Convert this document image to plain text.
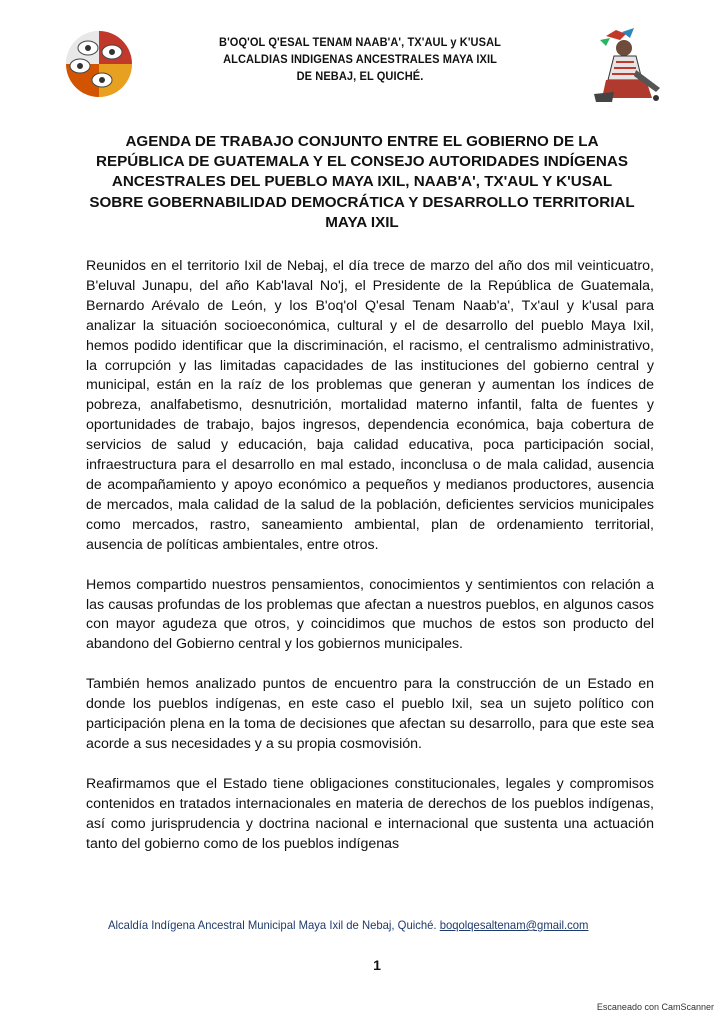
B'OQ'OL Q'ESAL TENAM NAAB'A', TX'AUL y K'USAL
ALCALDIAS INDIGENAS ANCESTRALES MAYA IXIL
DE NEBAJ, EL QUICHÉ.
AGENDA DE TRABAJO CONJUNTO ENTRE EL GOBIERNO DE LA
REPÚBLICA DE GUATEMALA Y EL CONSEJO AUTORIDADES INDÍGENAS
ANCESTRALES DEL PUEBLO MAYA IXIL, NAAB'A', TX'AUL Y K'USAL
SOBRE GOBERNABILIDAD DEMOCRÁTICA Y DESARROLLO TERRITORIAL
MAYA IXIL

Reunidos en el territorio Ixil de Nebaj, el día trece de marzo del año dos mil veinticuatro, B'eluval Junapu, del año Kab'laval No'j, el Presidente de la República de Guatemala, Bernardo Arévalo de León, y los B'oq'ol Q'esal Tenam Naab'a', Tx'aul y k'usal para analizar la situación socioeconómica, cultural y el de desarrollo del pueblo Maya Ixil, hemos podido identificar que la discriminación, el racismo, el centralismo administrativo, la corrupción y las limitadas capacidades de las instituciones del gobierno central y municipal, están en la raíz de los problemas que generan y aumentan los índices de pobreza, analfabetismo, desnutrición, mortalidad materno infantil, falta de fuentes y oportunidades de trabajo, bajos ingresos, dependencia económica, baja cobertura de servicios de salud y educación, baja calidad educativa, poca participación social, infraestructura para el desarrollo en mal estado, inconclusa o de mala calidad, ausencia de acompañamiento y apoyo económico a pequeños y medianos productores, ausencia de mercados, mala calidad de la salud de la población, deficientes servicios municipales como mercados, rastro, saneamiento ambiental, plan de ordenamiento territorial, ausencia de políticas ambientales, entre otros.

Hemos compartido nuestros pensamientos, conocimientos y sentimientos con relación a las causas profundas de los problemas que afectan a nuestros pueblos, en algunos casos con mayor agudeza que otros, y coincidimos que muchos de estos son producto del abandono del Gobierno central y los gobiernos municipales.

También hemos analizado puntos de encuentro para la construcción de un Estado en donde los pueblos indígenas, en este caso el pueblo Ixil, sea un sujeto político con participación plena en la toma de decisiones que afectan su desarrollo, para que este sea acorde a sus necesidades y a su propia cosmovisión.

Reafirmamos que el Estado tiene obligaciones constitucionales, legales y compromisos contenidos en tratados internacionales en materia de derechos de los pueblos indígenas, así como jurisprudencia y doctrina nacional e internacional que sustenta una actuación tanto del gobierno como de los pueblos indígenas

Alcaldía Indígena Ancestral Municipal Maya Ixil de Nebaj, Quiché. boqolqesaltenam@gmail.com
1
Escaneado con CamScanner
